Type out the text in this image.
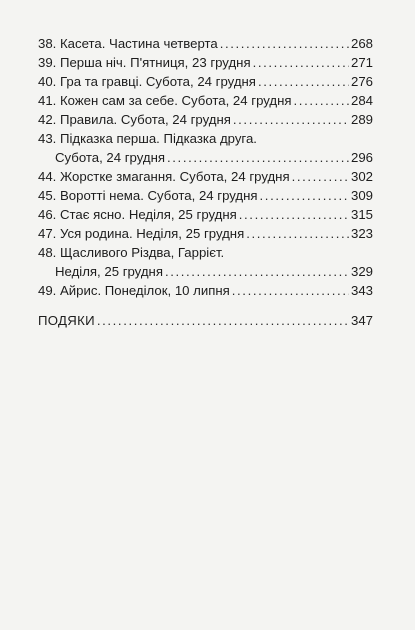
38. Касета. Частина четверта .....	268
39. Перша ніч. П'ятниця, 23 грудня .....	271
40. Гра та гравці. Субота, 24 грудня .....	276
41. Кожен сам за себе. Субота, 24 грудня .....	284
42. Правила. Субота, 24 грудня .....	289
43. Підказка перша. Підказка друга.
Субота, 24 грудня .....	296
44. Жорстке змагання. Субота, 24 грудня .....	302
45. Воротті нема. Субота, 24 грудня .....	309
46. Стає ясно. Неділя, 25 грудня .....	315
47. Уся родина. Неділя, 25 грудня .....	323
48. Щасливого Різдва, Гаррієт.
Неділя, 25 грудня .....	329
49. Айрис. Понеділок, 10 липня .....	343
ПОДЯКИ .....	347
